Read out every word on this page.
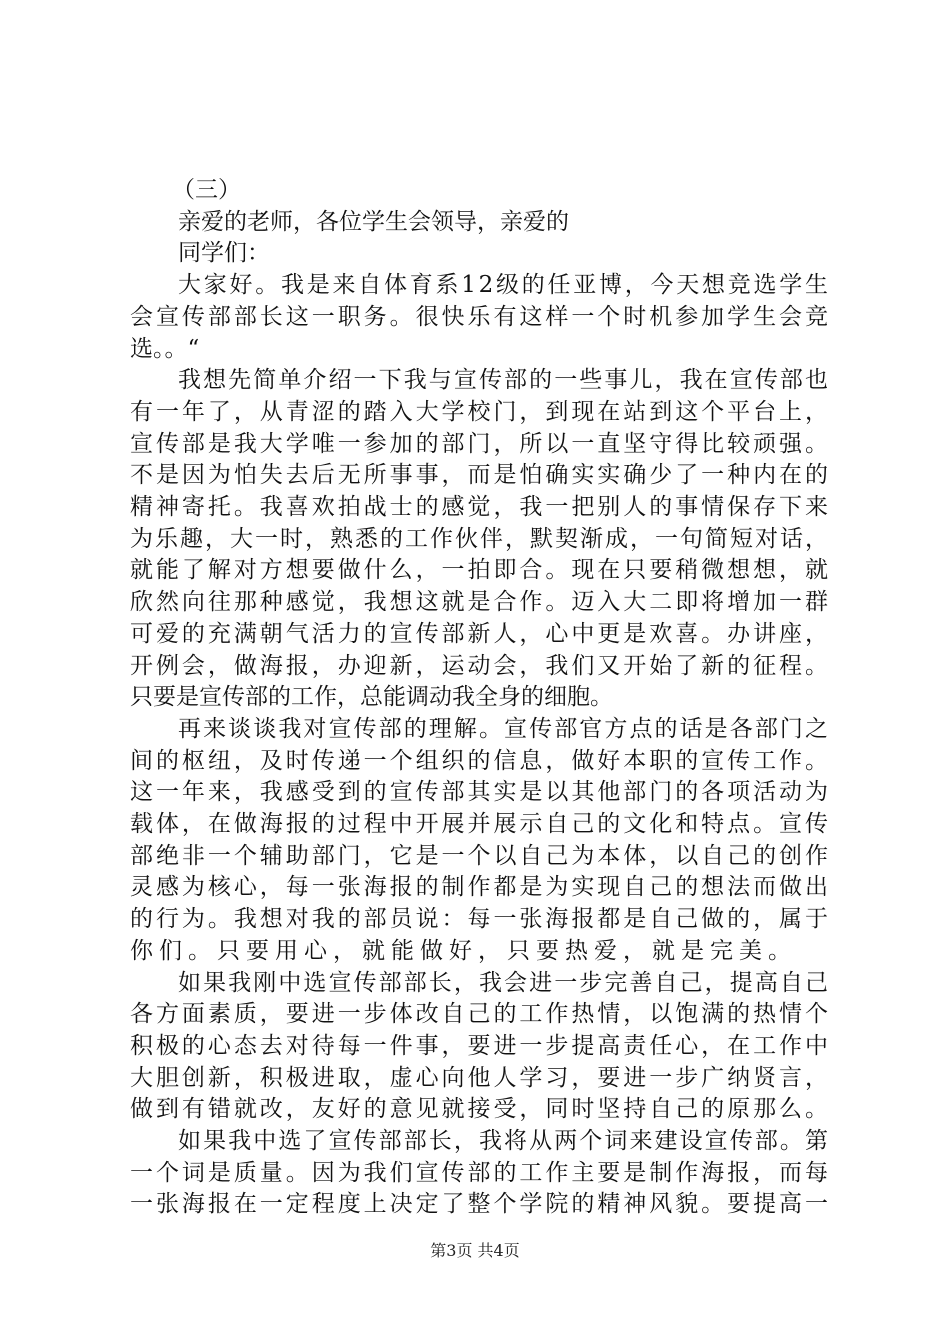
（三）
亲爱的老师，各位学生会领导，亲爱的
同学们：
大家好。我是来自体育系12级的任亚博，今天想竞选学生
会宣传部部长这一职务。很快乐有这样一个时机参加学生会竞
选。。“
我想先简单介绍一下我与宣传部的一些事儿，我在宣传部也
有一年了，从青涩的踏入大学校门，到现在站到这个平台上，
宣传部是我大学唯一参加的部门，所以一直坚守得比较顽强。
不是因为怕失去后无所事事，而是怕确实实确少了一种内在的
精神寄托。我喜欢拍战士的感觉，我一把别人的事情保存下来
为乐趣，大一时，熟悉的工作伙伴，默契渐成，一句简短对话，
就能了解对方想要做什么，一拍即合。现在只要稍微想想，就
欣然向往那种感觉，我想这就是合作。迈入大二即将增加一群
可爱的充满朝气活力的宣传部新人，心中更是欢喜。办讲座，
开例会，做海报，办迎新，运动会，我们又开始了新的征程。
只要是宣传部的工作，总能调动我全身的细胞。
再来谈谈我对宣传部的理解。宣传部官方点的话是各部门之
间的枢纽，及时传递一个组织的信息，做好本职的宣传工作。
这一年来，我感受到的宣传部其实是以其他部门的各项活动为
载体，在做海报的过程中开展并展示自己的文化和特点。宣传
部绝非一个辅助部门，它是一个以自己为本体，以自己的创作
灵感为核心，每一张海报的制作都是为实现自己的想法而做出
的行为。我想对我的部员说：每一张海报都是自己做的，属于
你们。只要用心，就能做好，只要热爱，就是完美。
如果我刚中选宣传部部长，我会进一步完善自己，提高自己
各方面素质，要进一步体改自己的工作热情，以饱满的热情个
积极的心态去对待每一件事，要进一步提高责任心，在工作中
大胆创新，积极进取，虚心向他人学习，要进一步广纳贤言，
做到有错就改，友好的意见就接受，同时坚持自己的原那么。
如果我中选了宣传部部长，我将从两个词来建设宣传部。第
一个词是质量。因为我们宣传部的工作主要是制作海报，而每
一张海报在一定程度上决定了整个学院的精神风貌。要提高一
第3页 共4页
